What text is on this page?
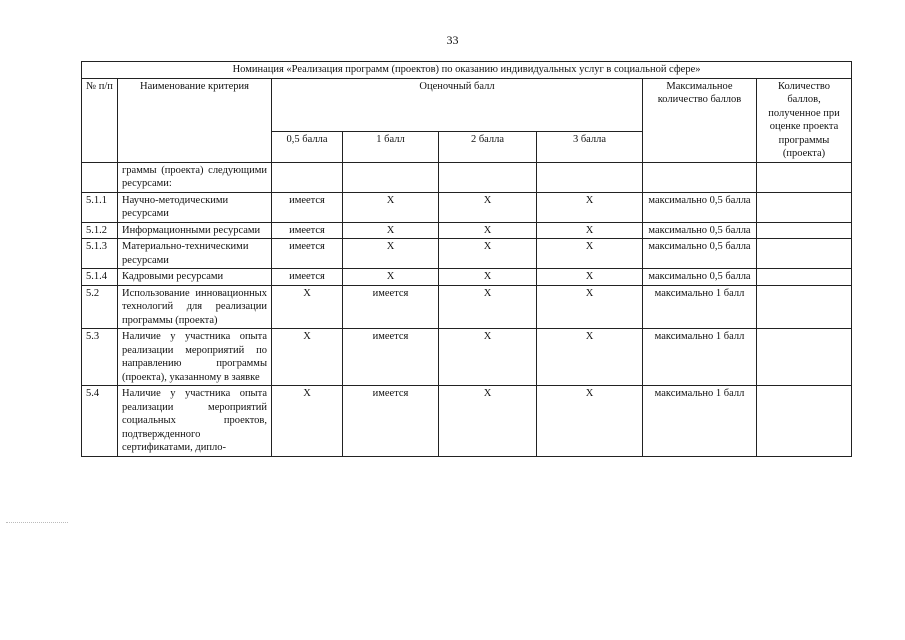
33
Номинация «Реализация программ (проектов) по оказанию индивидуальных услуг в социальной сфере»							
№ п/п	Наименование критерия	Оценочный балл				Максимальное количество баллов	Количество баллов, полученное при оценке проекта программы (проекта)
		0,5 балла	1 балл	2 балла	3 балла		
	граммы (проекта) следующими ресурсами:						
5.1.1	Научно-методическими ресурсами	имеется	X	X	X	максимально 0,5 балла	
5.1.2	Информационными ресурсами	имеется	X	X	X	максимально 0,5 балла	
5.1.3	Материально-техническими ресурсами	имеется	X	X	X	максимально 0,5 балла	
5.1.4	Кадровыми ресурсами	имеется	X	X	X	максимально 0,5 балла	
5.2	Использование инновационных технологий для реализации программы (проекта)	X	имеется	X	X	максимально 1 балл	
5.3	Наличие у участника опыта реализации мероприятий по направлению программы (проекта), указанному в заявке	X	имеется	X	X	максимально 1 балл	
5.4	Наличие у участника опыта реализации мероприятий социальных проектов, подтвержденного сертификатами, дипло-	X	имеется	X	X	максимально 1 балл	
